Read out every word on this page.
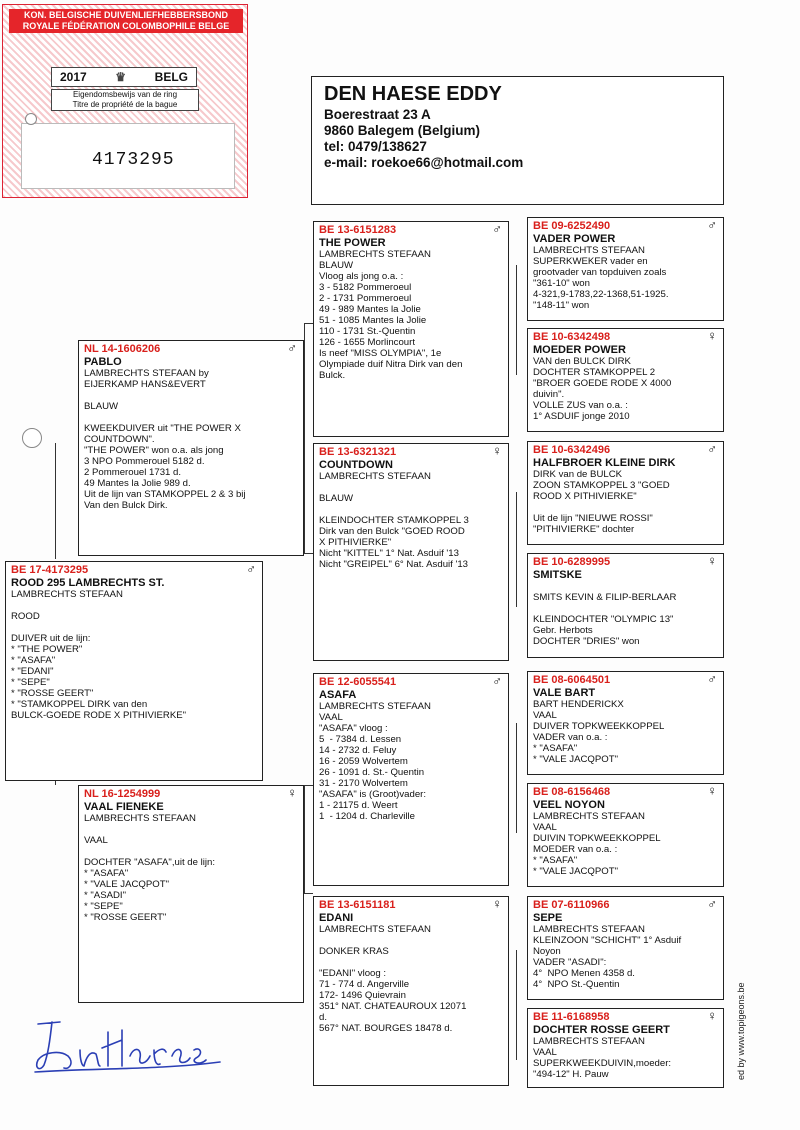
KON. BELGISCHE DUIVENLIEFHEBBERSBOND
ROYALE FÉDÉRATION COLOMBOPHILE BELGE
2017 ♛ BELG
Eigendomsbewijs van de ring
Titre de propriété de la bague
4173295
DEN HAESE EDDY
Boerestraat 23 A
9860 Balegem (Belgium)
tel: 0479/138627
e-mail: roekoe66@hotmail.com
BE 17-4173295	♂
ROOD 295 LAMBRECHTS ST.
LAMBRECHTS STEFAAN
ROOD
DUIVER uit de lijn:
* "THE POWER"
* "ASAFA"
* "EDANI"
* "SEPE"
* "ROSSE GEERT"
* "STAMKOPPEL DIRK van den
BULCK-GOEDE RODE X PITHIVIERKE"
NL 14-1606206	♂
PABLO
LAMBRECHTS STEFAAN by
EIJERKAMP HANS&EVERT
BLAUW
KWEEKDUIVER uit "THE POWER X
COUNTDOWN".
"THE POWER" won o.a. als jong
3 NPO Pommerouel 5182 d.
2 Pommerouel 1731 d.
49 Mantes la Jolie 989 d.
Uit de lijn van STAMKOPPEL 2 & 3 bij
Van den Bulck Dirk.
NL 16-1254999	♀
VAAL FIENEKE
LAMBRECHTS STEFAAN
VAAL
DOCHTER "ASAFA",uit de lijn:
* "ASAFA"
* "VALE JACQPOT"
* "ASADI"
* "SEPE"
* "ROSSE GEERT"
BE 13-6151283	♂
THE POWER
LAMBRECHTS STEFAAN
BLAUW
Vloog als jong o.a. :
3 - 5182 Pommeroeul
2 - 1731 Pommeroeul
49 - 989 Mantes la Jolie
51 - 1085 Mantes la Jolie
110 - 1731 St.-Quentin
126 - 1655 Morlincourt
Is neef "MISS OLYMPIA", 1e
Olympiade duif Nitra Dirk van den
Bulck.
BE 13-6321321	♀
COUNTDOWN
LAMBRECHTS STEFAAN
BLAUW
KLEINDOCHTER STAMKOPPEL 3
Dirk van den Bulck "GOED ROOD
X PITHIVIERKE"
Nicht "KITTEL" 1° Nat. Asduif '13
Nicht "GREIPEL" 6° Nat. Asduif '13
BE 12-6055541	♂
ASAFA
LAMBRECHTS STEFAAN
VAAL
"ASAFA" vloog :
5  - 7384 d. Lessen
14 - 2732 d. Feluy
16 - 2059 Wolvertem
26 - 1091 d. St.- Quentin
31 - 2170 Wolvertem
"ASAFA" is (Groot)vader:
1 - 21175 d. Weert
1  - 1204 d. Charleville
BE 13-6151181	♀
EDANI
LAMBRECHTS STEFAAN
DONKER KRAS
"EDANI" vloog :
71 - 774 d. Angerville
172- 1496 Quievrain
351° NAT. CHATEAUROUX 12071
d.
567° NAT. BOURGES 18478 d.
BE 09-6252490	♂
VADER POWER
LAMBRECHTS STEFAAN
SUPERKWEKER vader en
grootvader van topduiven zoals
"361-10" won
4-321,9-1783,22-1368,51-1925.
"148-11" won
BE 10-6342498	♀
MOEDER POWER
VAN den BULCK DIRK
DOCHTER STAMKOPPEL 2
"BROER GOEDE RODE X 4000
duivin".
VOLLE ZUS van o.a. :
1° ASDUIF jonge 2010
BE 10-6342496	♂
HALFBROER KLEINE DIRK
DIRK van de BULCK
ZOON STAMKOPPEL 3 "GOED
ROOD X PITHIVIERKE"
Uit de lijn "NIEUWE ROSSI"
"PITHIVIERKE" dochter
BE 10-6289995	♀
SMITSKE
SMITS KEVIN & FILIP-BERLAAR
KLEINDOCHTER "OLYMPIC 13"
Gebr. Herbots
DOCHTER "DRIES" won
BE 08-6064501	♂
VALE BART
BART HENDERICKX
VAAL
DUIVER TOPKWEEKKOPPEL
VADER van o.a. :
* "ASAFA"
* "VALE JACQPOT"
BE 08-6156468	♀
VEEL NOYON
LAMBRECHTS STEFAAN
VAAL
DUIVIN TOPKWEEKKOPPEL
MOEDER van o.a. :
* "ASAFA"
* "VALE JACQPOT"
BE 07-6110966	♂
SEPE
LAMBRECHTS STEFAAN
KLEINZOON "SCHICHT" 1° Asduif
Noyon
VADER "ASADI":
4°  NPO Menen 4358 d.
4°  NPO St.-Quentin
BE 11-6168958	♀
DOCHTER ROSSE GEERT
LAMBRECHTS STEFAAN
VAAL
SUPERKWEEKDUIVIN,moeder:
"494-12" H. Pauw	ed by www.topigeons.be
